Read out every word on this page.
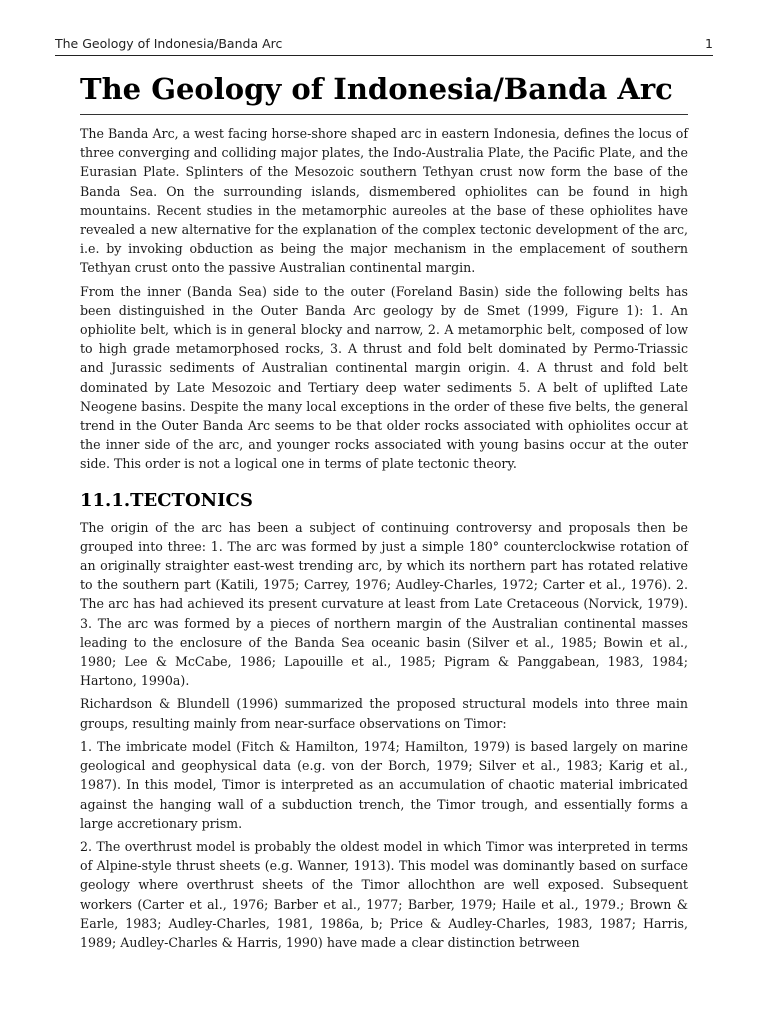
The Geology of Indonesia/Banda Arc	1
The Geology of Indonesia/Banda Arc

The Banda Arc, a west facing horse-shore shaped arc in eastern Indonesia, defines the locus of three converging and colliding major plates, the Indo-Australia Plate, the Pacific Plate, and the Eurasian Plate. Splinters of the Mesozoic southern Tethyan crust now form the base of the Banda Sea. On the surrounding islands, dismembered ophiolites can be found in high mountains. Recent studies in the metamorphic aureoles at the base of these ophiolites have revealed a new alternative for the explanation of the complex tectonic development of the arc, i.e. by invoking obduction as being the major mechanism in the emplacement of southern Tethyan crust onto the passive Australian continental margin.

From the inner (Banda Sea) side to the outer (Foreland Basin) side the following belts has been distinguished in the Outer Banda Arc geology by de Smet (1999, Figure 1): 1. An ophiolite belt, which is in general blocky and narrow, 2. A metamorphic belt, composed of low to high grade metamorphosed rocks, 3. A thrust and fold belt dominated by Permo-Triassic and Jurassic sediments of Australian continental margin origin. 4. A thrust and fold belt dominated by Late Mesozoic and Tertiary deep water sediments 5. A belt of uplifted Late Neogene basins. Despite the many local exceptions in the order of these five belts, the general trend in the Outer Banda Arc seems to be that older rocks associated with ophiolites occur at the inner side of the arc, and younger rocks associated with young basins occur at the outer side. This order is not a logical one in terms of plate tectonic theory.

11.1.TECTONICS

The origin of the arc has been a subject of continuing controversy and proposals then be grouped into three: 1. The arc was formed by just a simple 180° counterclockwise rotation of an originally straighter east-west trending arc, by which its northern part has rotated relative to the southern part (Katili, 1975; Carrey, 1976; Audley-Charles, 1972; Carter et al., 1976). 2. The arc has had achieved its present curvature at least from Late Cretaceous (Norvick, 1979). 3. The arc was formed by a pieces of northern margin of the Australian continental masses leading to the enclosure of the Banda Sea oceanic basin (Silver et al., 1985; Bowin et al., 1980; Lee & McCabe, 1986; Lapouille et al., 1985; Pigram & Panggabean, 1983, 1984; Hartono, 1990a).

Richardson & Blundell (1996) summarized the proposed structural models into three main groups, resulting mainly from near-surface observations on Timor:

1. The imbricate model (Fitch & Hamilton, 1974; Hamilton, 1979) is based largely on marine geological and geophysical data (e.g. von der Borch, 1979; Silver et al., 1983; Karig et al., 1987). In this model, Timor is interpreted as an accumulation of chaotic material imbricated against the hanging wall of a subduction trench, the Timor trough, and essentially forms a large accretionary prism.

2. The overthrust model is probably the oldest model in which Timor was interpreted in terms of Alpine-style thrust sheets (e.g. Wanner, 1913). This model was dominantly based on surface geology where overthrust sheets of the Timor allochthon are well exposed. Subsequent workers (Carter et al., 1976; Barber et al., 1977; Barber, 1979; Haile et al., 1979.; Brown & Earle, 1983; Audley-Charles, 1981, 1986a, b; Price & Audley-Charles, 1983, 1987; Harris, 1989; Audley-Charles & Harris, 1990) have made a clear distinction betrween
